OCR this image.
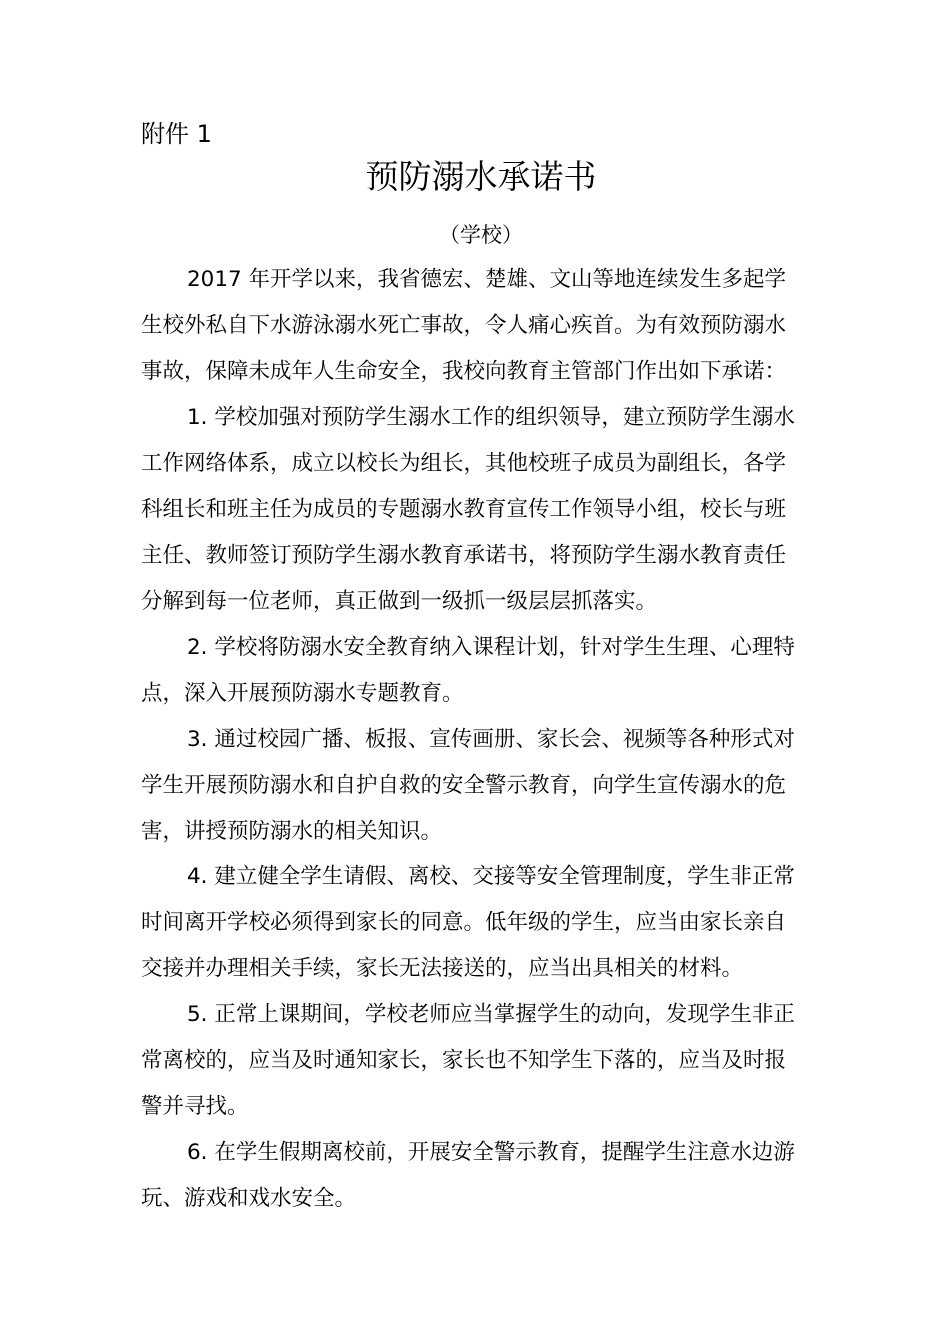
附件 1
预防溺水承诺书
（学校）
2017 年开学以来，我省德宏、楚雄、文山等地连续发生多起学
生校外私自下水游泳溺水死亡事故，令人痛心疾首。为有效预防溺水
事故，保障未成年人生命安全，我校向教育主管部门作出如下承诺：
1. 学校加强对预防学生溺水工作的组织领导，建立预防学生溺水
工作网络体系，成立以校长为组长，其他校班子成员为副组长，各学
科组长和班主任为成员的专题溺水教育宣传工作领导小组，校长与班
主任、教师签订预防学生溺水教育承诺书，将预防学生溺水教育责任
分解到每一位老师，真正做到一级抓一级层层抓落实。
2. 学校将防溺水安全教育纳入课程计划，针对学生生理、心理特
点，深入开展预防溺水专题教育。
3. 通过校园广播、板报、宣传画册、家长会、视频等各种形式对
学生开展预防溺水和自护自救的安全警示教育，向学生宣传溺水的危
害，讲授预防溺水的相关知识。
4. 建立健全学生请假、离校、交接等安全管理制度，学生非正常
时间离开学校必须得到家长的同意。低年级的学生，应当由家长亲自
交接并办理相关手续，家长无法接送的，应当出具相关的材料。
5. 正常上课期间，学校老师应当掌握学生的动向，发现学生非正
常离校的，应当及时通知家长，家长也不知学生下落的，应当及时报
警并寻找。
6. 在学生假期离校前，开展安全警示教育，提醒学生注意水边游
玩、游戏和戏水安全。
